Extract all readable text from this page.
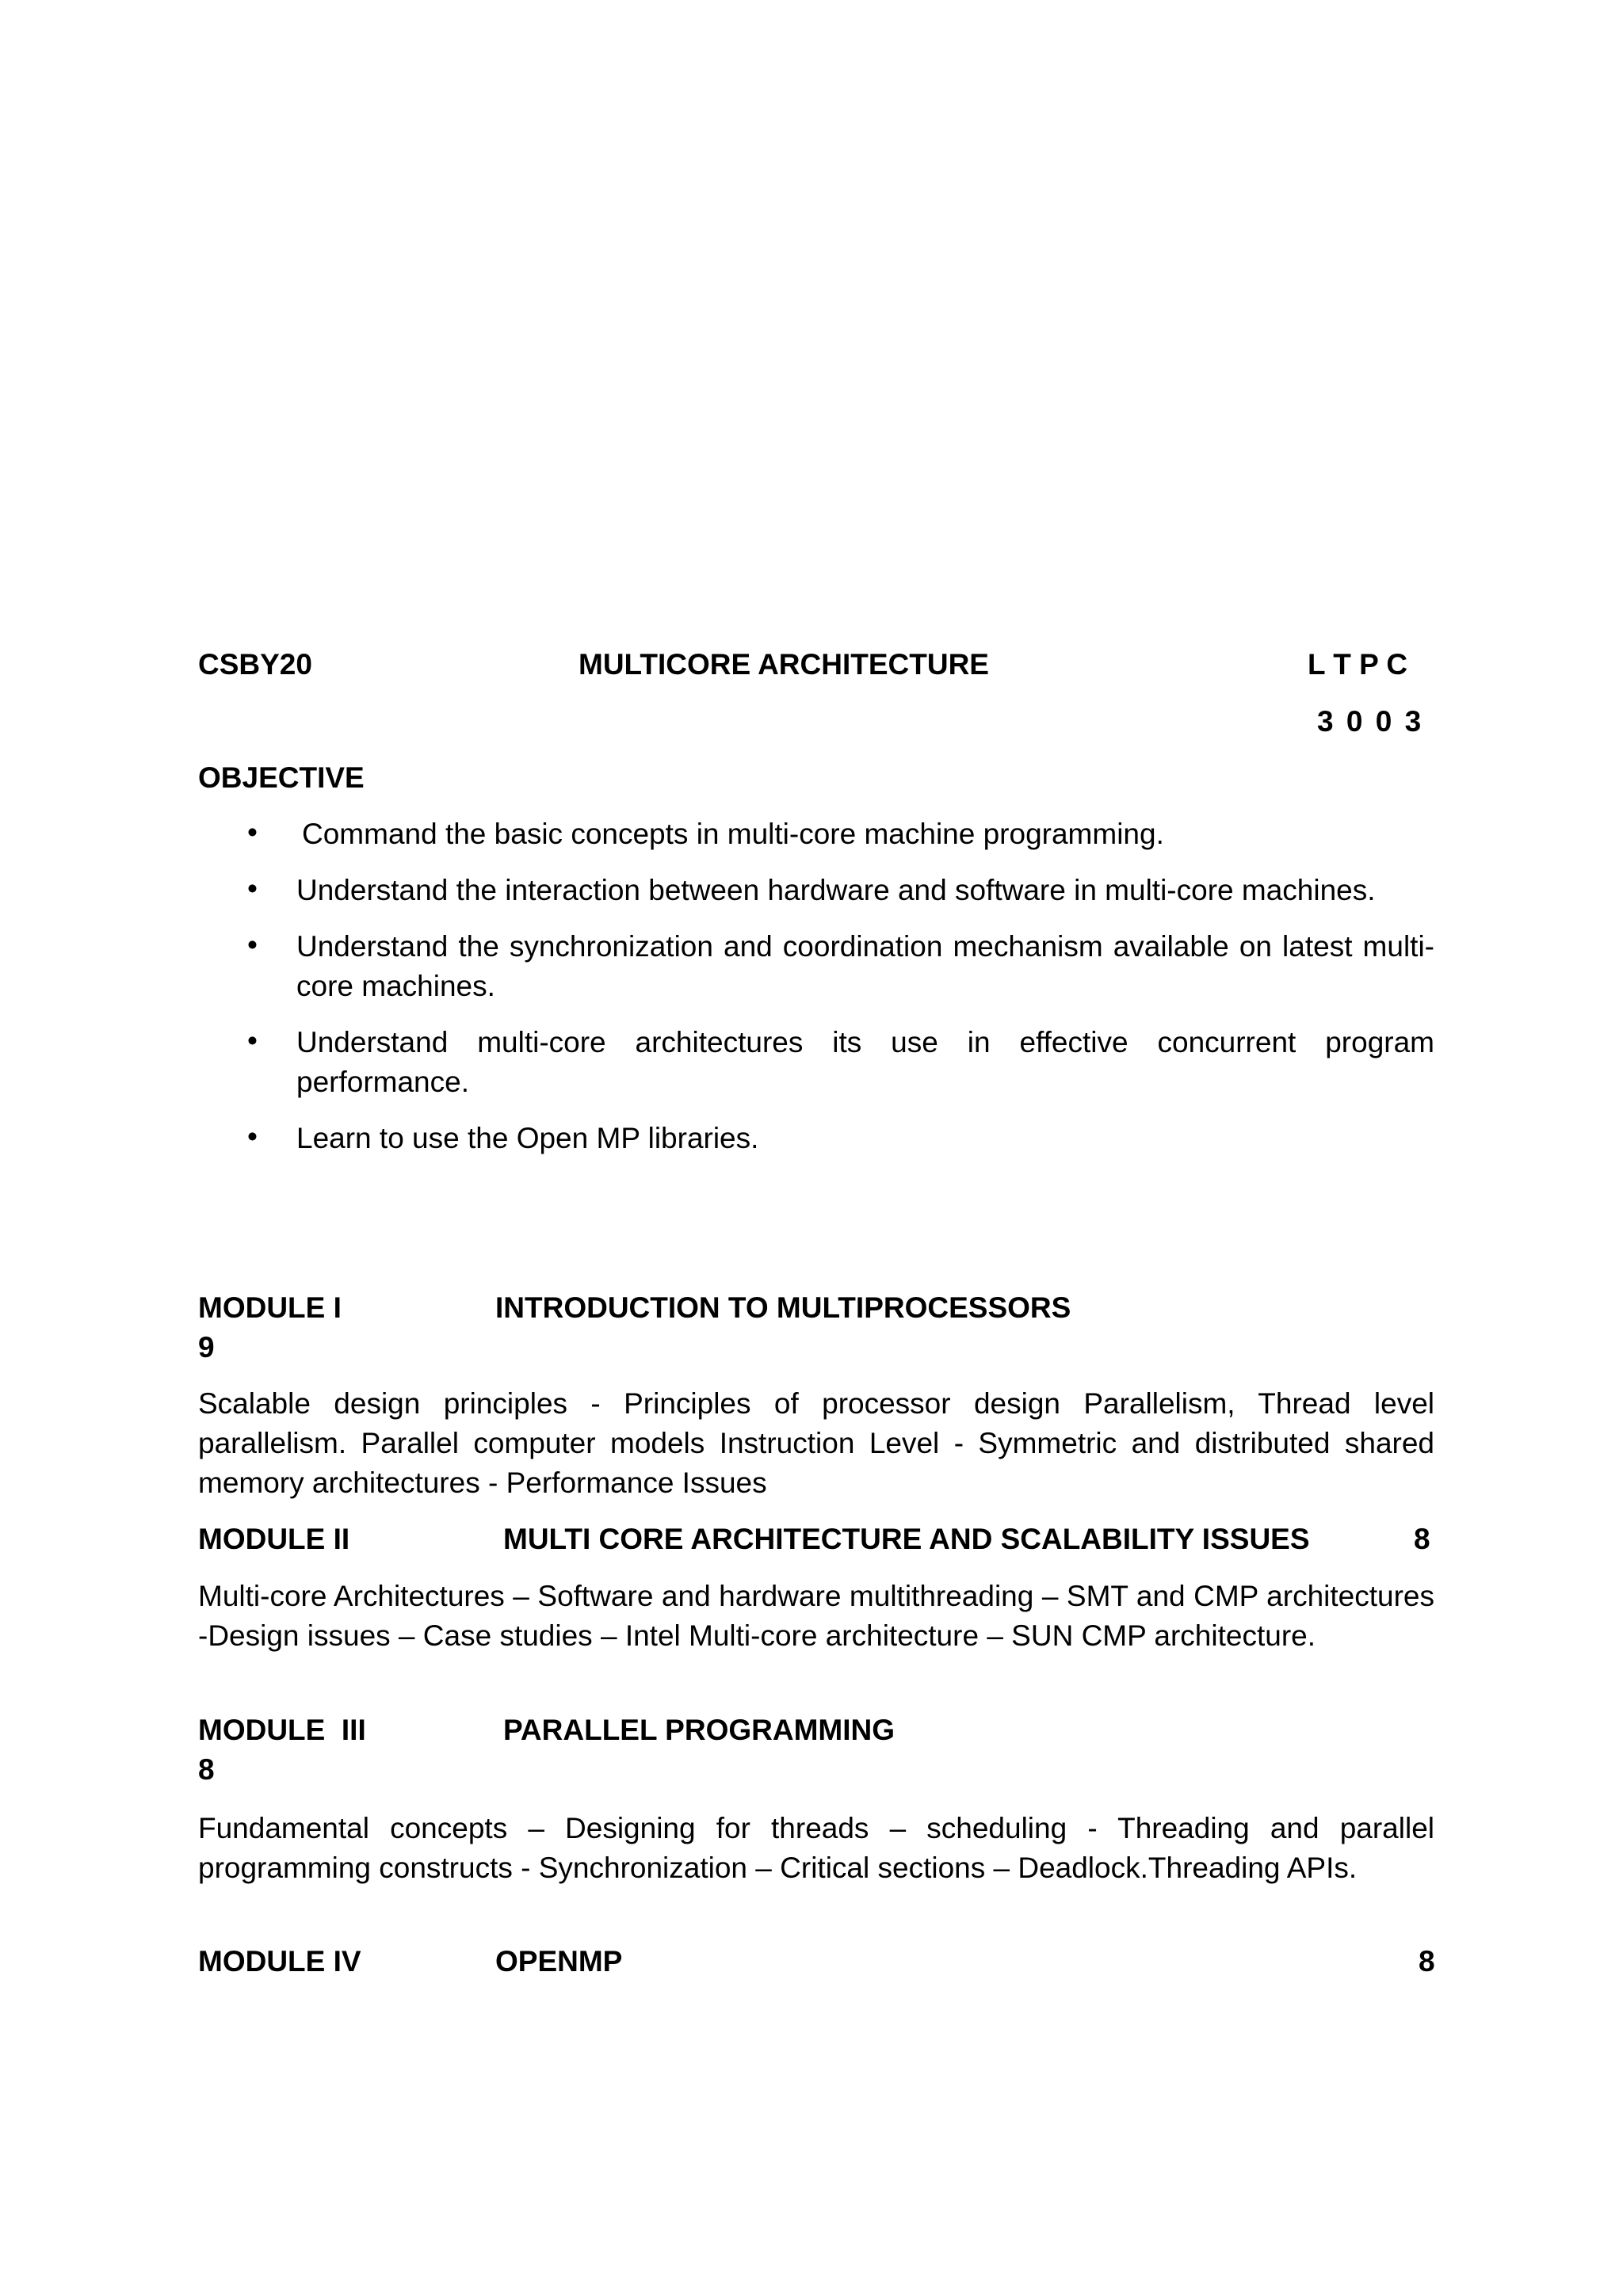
CSBY20	MULTICORE ARCHITECTURE	L T P C
3 0 0 3
OBJECTIVE
• Command the basic concepts in multi-core machine programming.
• Understand the interaction between hardware and software in multi-core machines.
• Understand the synchronization and coordination mechanism available on latest multi-core machines.
• Understand multi-core architectures its use in effective concurrent program performance.
• Learn to use the Open MP libraries.
MODULE I	INTRODUCTION TO MULTIPROCESSORS
9
Scalable design principles - Principles of processor design Parallelism, Thread level parallelism. Parallel computer models Instruction Level - Symmetric and distributed shared memory architectures - Performance Issues
MODULE II	MULTI CORE ARCHITECTURE AND SCALABILITY ISSUES	8
Multi-core Architectures – Software and hardware multithreading – SMT and CMP architectures -Design issues – Case studies – Intel Multi-core architecture – SUN CMP architecture.
MODULE  III	PARALLEL PROGRAMMING
8
Fundamental concepts – Designing for threads – scheduling - Threading and parallel programming constructs - Synchronization – Critical sections – Deadlock.Threading APIs.
MODULE IV	OPENMP	8
